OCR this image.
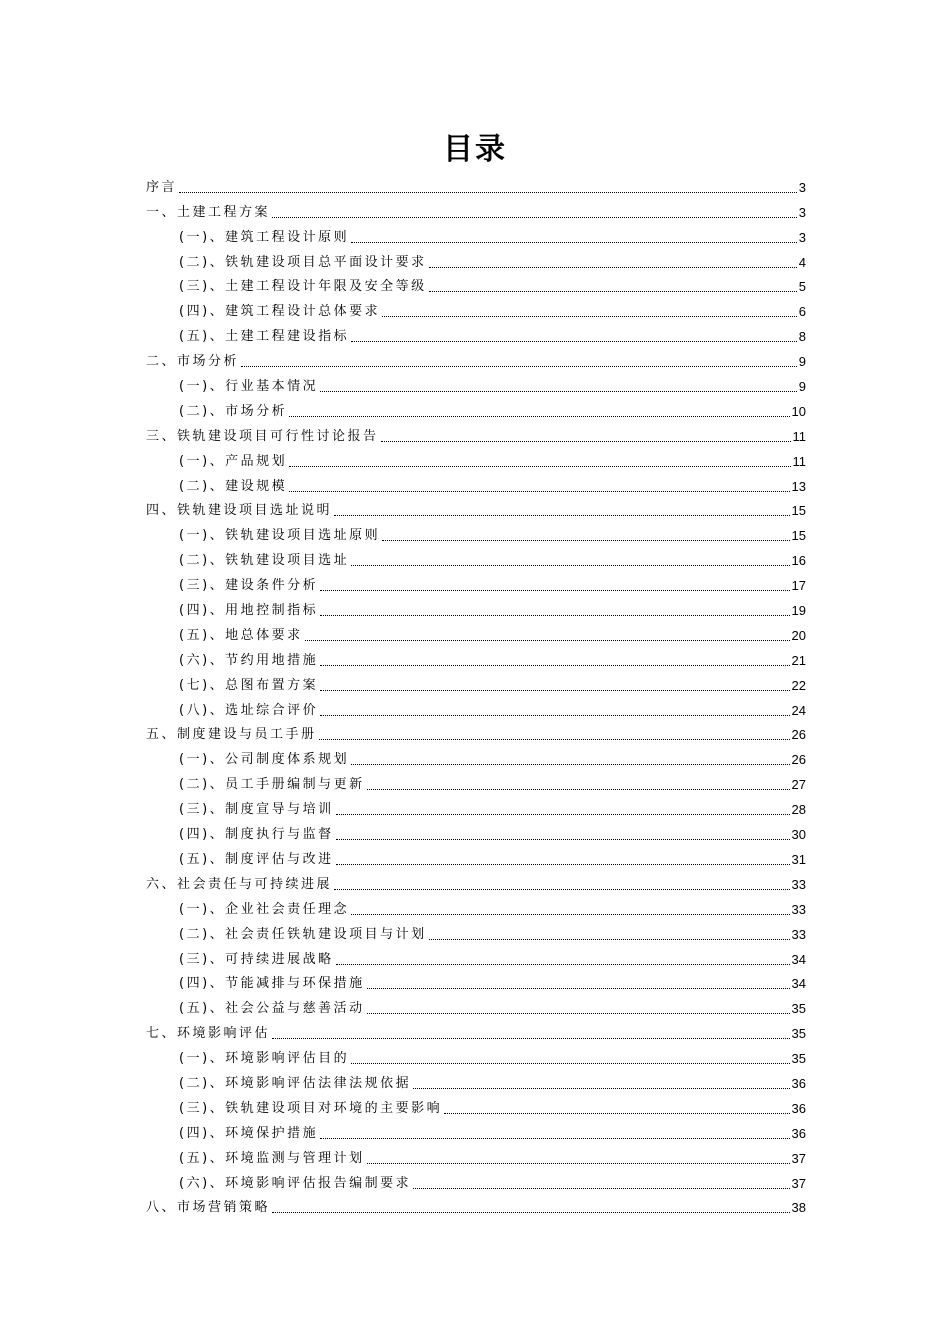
目录
序言	3
一、土建工程方案	3
(一)、建筑工程设计原则	3
(二)、铁轨建设项目总平面设计要求	4
(三)、土建工程设计年限及安全等级	5
(四)、建筑工程设计总体要求	6
(五)、土建工程建设指标	8
二、市场分析	9
(一)、行业基本情况	9
(二)、市场分析	10
三、铁轨建设项目可行性讨论报告	11
(一)、产品规划	11
(二)、建设规模	13
四、铁轨建设项目选址说明	15
(一)、铁轨建设项目选址原则	15
(二)、铁轨建设项目选址	16
(三)、建设条件分析	17
(四)、用地控制指标	19
(五)、地总体要求	20
(六)、节约用地措施	21
(七)、总图布置方案	22
(八)、选址综合评价	24
五、制度建设与员工手册	26
(一)、公司制度体系规划	26
(二)、员工手册编制与更新	27
(三)、制度宣导与培训	28
(四)、制度执行与监督	30
(五)、制度评估与改进	31
六、社会责任与可持续进展	33
(一)、企业社会责任理念	33
(二)、社会责任铁轨建设项目与计划	33
(三)、可持续进展战略	34
(四)、节能减排与环保措施	34
(五)、社会公益与慈善活动	35
七、环境影响评估	35
(一)、环境影响评估目的	35
(二)、环境影响评估法律法规依据	36
(三)、铁轨建设项目对环境的主要影响	36
(四)、环境保护措施	36
(五)、环境监测与管理计划	37
(六)、环境影响评估报告编制要求	37
八、市场营销策略	38
